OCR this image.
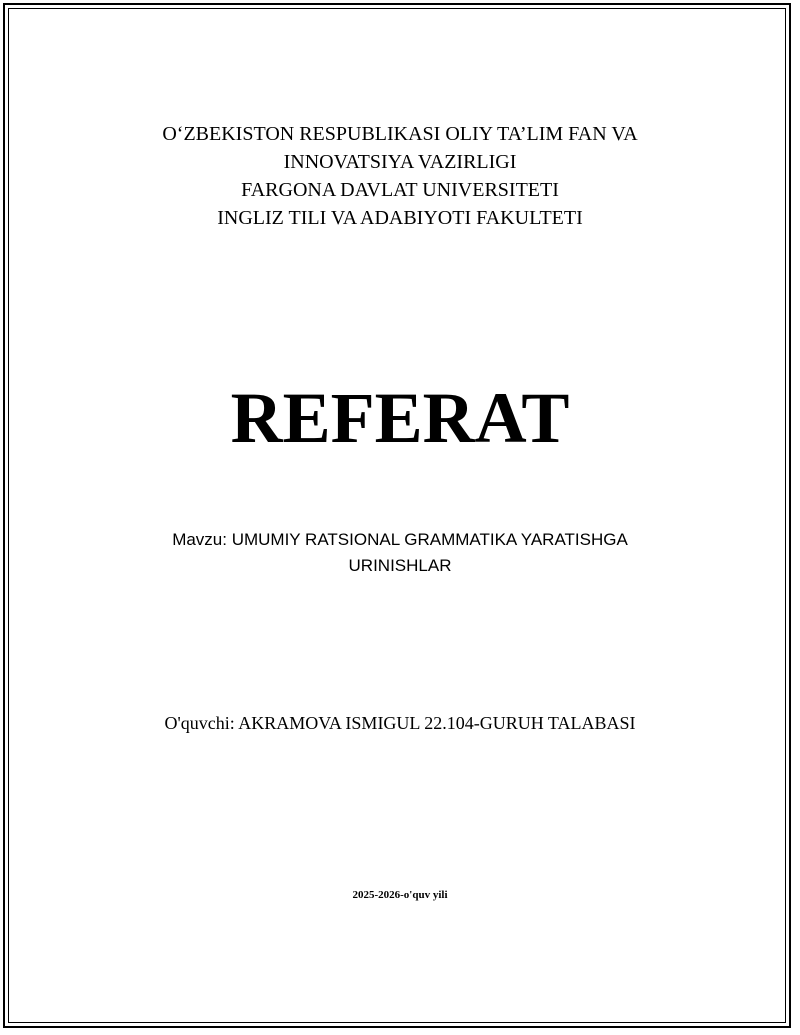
O‘ZBEKISTON RESPUBLIKASI OLIY TA’LIM FAN VA
INNOVATSIYA VAZIRLIGI
FARGONA DAVLAT UNIVERSITETI
INGLIZ TILI VA ADABIYOTI FAKULTETI
REFERAT
Mavzu: UMUMIY RATSIONAL GRAMMATIKA YARATISHGA
URINISHLAR
O'quvchi: AKRAMOVA ISMIGUL 22.104-GURUH TALABASI
2025-2026-o'quv yili
